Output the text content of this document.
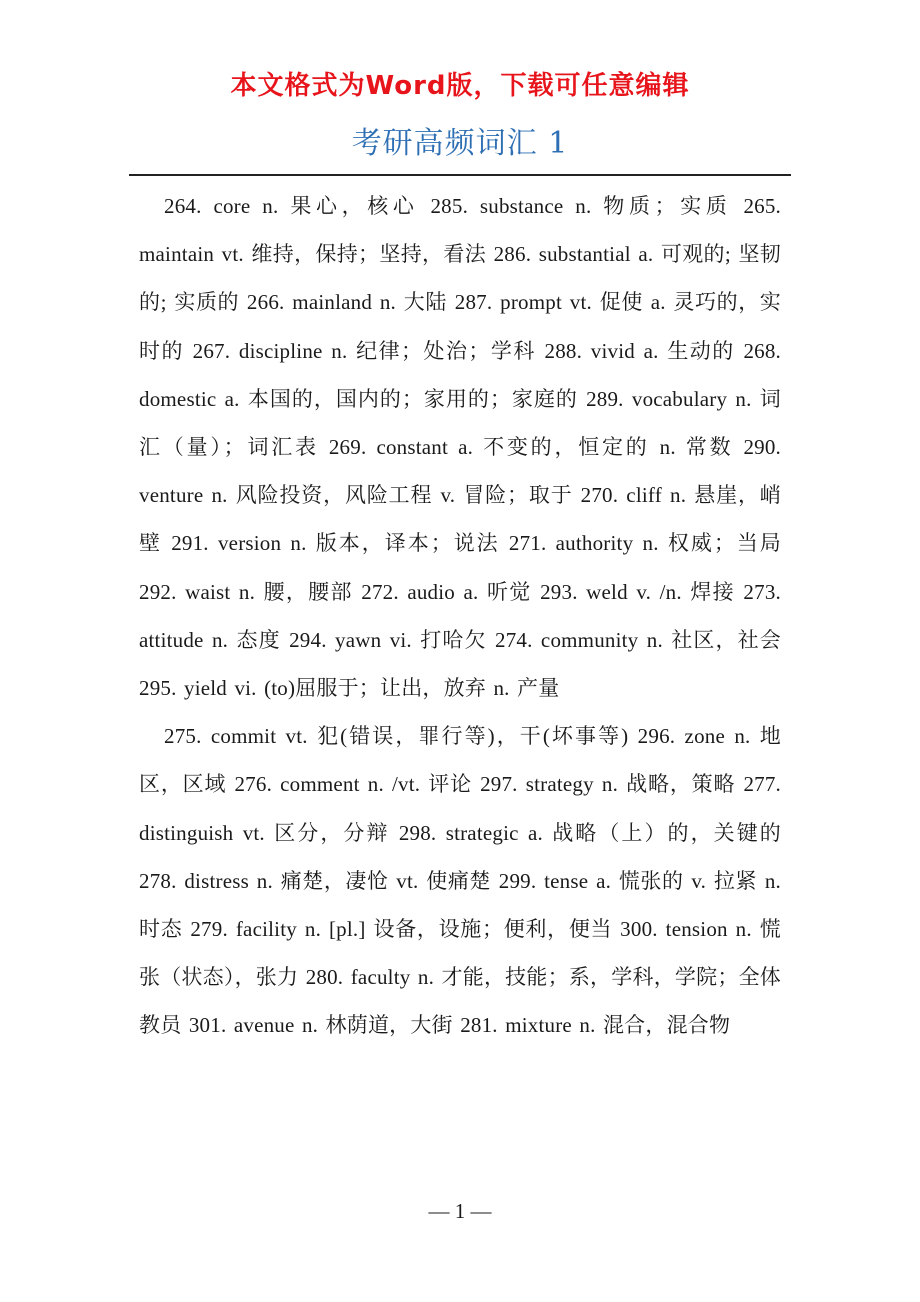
本文格式为Word版，下载可任意编辑
考研高频词汇 1

264. core n. 果心，核心 285. substance n. 物质；实质 265. maintain vt. 维持，保持；坚持，看法 286. substantial a. 可观的; 坚韧的; 实质的 266. mainland n. 大陆 287. prompt vt. 促使 a. 灵巧的，实时的 267. discipline n. 纪律；处治；学科 288. vivid a. 生动的 268. domestic a. 本国的，国内的；家用的；家庭的 289. vocabulary n. 词汇（量）；词汇表 269. constant a. 不变的，恒定的 n. 常数 290. venture n. 风险投资，风险工程 v. 冒险；取于 270. cliff n. 悬崖，峭壁 291. version n. 版本，译本；说法 271. authority n. 权威；当局 292. waist n. 腰，腰部 272. audio a. 听觉 293. weld v. /n. 焊接 273. attitude n. 态度 294. yawn vi. 打哈欠 274. community n. 社区，社会 295. yield vi. (to)屈服于；让出，放弃 n. 产量

275. commit vt. 犯(错误，罪行等)，干(坏事等) 296. zone n. 地区，区域 276. comment n. /vt. 评论 297. strategy n. 战略，策略 277. distinguish vt. 区分，分辩 298. strategic a. 战略（上）的，关键的 278. distress n. 痛楚，凄怆 vt. 使痛楚 299. tense a. 慌张的 v. 拉紧 n. 时态 279. facility n. [pl.] 设备，设施；便利，便当 300. tension n. 慌张（状态），张力 280. faculty n. 才能，技能；系，学科，学院；全体教员 301. avenue n. 林荫道，大街 281. mixture n. 混合，混合物

— 1 —
